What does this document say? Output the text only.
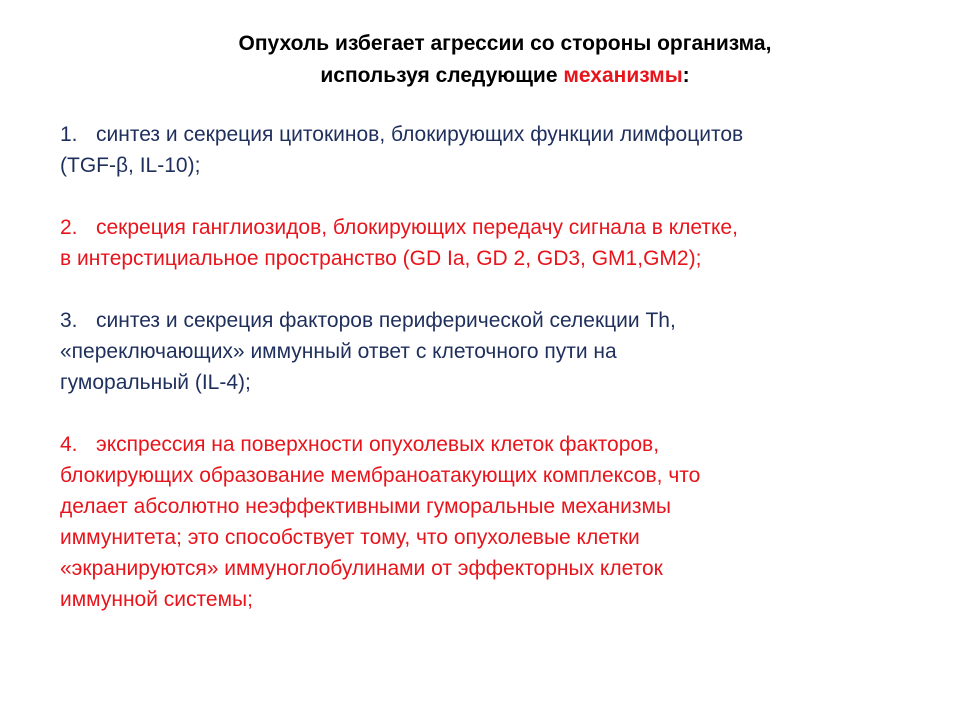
Опухоль избегает агрессии со стороны организма,
используя следующие механизмы:

1. синтез и секреция цитокинов, блокирующих функции лимфоцитов

(TGF-β, IL-10);

2. секреция ганглиозидов, блокирующих передачу сигнала в клетке,

в интерстициальное пространство (GD Ia, GD 2, GD3, GM1,GM2);

3. синтез и секреция факторов периферической селекции Th,

«переключающих» иммунный ответ с клеточного пути на

гуморальный (IL-4);

4. экспрессия на поверхности опухолевых клеток факторов,

блокирующих образование мембраноатакующих комплексов, что

делает абсолютно неэффективными гуморальные механизмы

иммунитета; это способствует тому, что опухолевые клетки

«экранируются» иммуноглобулинами от эффекторных клеток

иммунной системы;
